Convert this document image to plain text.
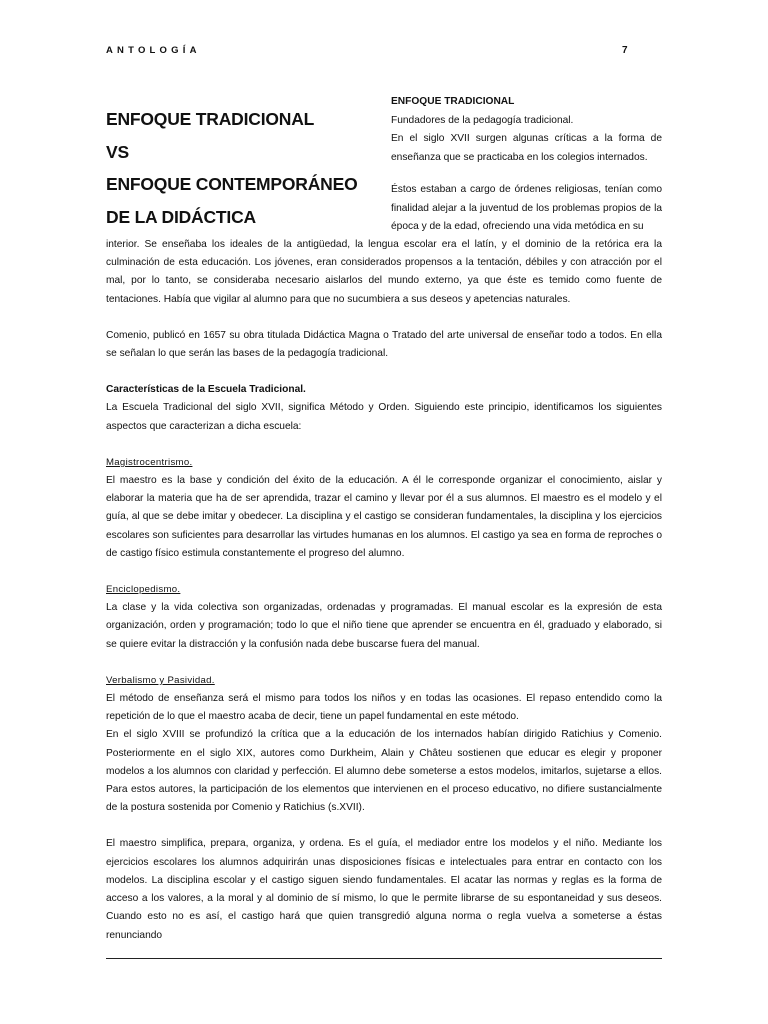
ANTOLOGÍA	7
ENFOQUE TRADICIONAL
VS
ENFOQUE CONTEMPORÁNEO
DE LA DIDÁCTICA

ENFOQUE TRADICIONAL

Fundadores de la pedagogía tradicional.

En el siglo XVII surgen algunas críticas a la forma de enseñanza que se practicaba en los colegios internados.

Éstos estaban a cargo de órdenes religiosas, tenían como finalidad alejar a la juventud de los problemas propios de la época y de la edad, ofreciendo una vida metódica en su

interior. Se enseñaba los ideales de la antigüedad, la lengua escolar era el latín, y el dominio de la retórica era la culminación de esta educación. Los jóvenes, eran considerados propensos a la tentación, débiles y con atracción por el mal, por lo tanto, se consideraba necesario aislarlos del mundo externo, ya que éste es temido como fuente de tentaciones. Había que vigilar al alumno para que no sucumbiera a sus deseos y apetencias naturales.

Comenio, publicó en 1657 su obra titulada Didáctica Magna o Tratado del arte universal de enseñar todo a todos. En ella se señalan lo que serán las bases de la pedagogía tradicional.

Características de la Escuela Tradicional.

La Escuela Tradicional del siglo XVII, significa Método y Orden. Siguiendo este principio, identificamos los siguientes aspectos que caracterizan a dicha escuela:

Magistrocentrismo.

El maestro es la base y condición del éxito de la educación. A él le corresponde organizar el conocimiento, aislar y elaborar la materia que ha de ser aprendida, trazar el camino y llevar por él a sus alumnos. El maestro es el modelo y el guía, al que se debe imitar y obedecer. La disciplina y el castigo se consideran fundamentales, la disciplina y los ejercicios escolares son suficientes para desarrollar las virtudes humanas en los alumnos. El castigo ya sea en forma de reproches o de castigo físico estimula constantemente el progreso del alumno.

Enciclopedismo.

La clase y la vida colectiva son organizadas, ordenadas y programadas. El manual escolar es la expresión de esta organización, orden y programación; todo lo que el niño tiene que aprender se encuentra en él, graduado y elaborado, si se quiere evitar la distracción y la confusión nada debe buscarse fuera del manual.

Verbalismo y Pasividad.

El método de enseñanza será el mismo para todos los niños y en todas las ocasiones. El repaso entendido como la repetición de lo que el maestro acaba de decir, tiene un papel fundamental en este método.

En el siglo XVIII se profundizó la crítica que a la educación de los internados habían dirigido Ratichius y Comenio. Posteriormente en el siglo XIX, autores como Durkheim, Alain y Châteu sostienen que educar es elegir y proponer modelos a los alumnos con claridad y perfección. El alumno debe someterse a estos modelos, imitarlos, sujetarse a ellos. Para estos autores, la participación de los elementos que intervienen en el proceso educativo, no difiere sustancialmente de la postura sostenida por Comenio y Ratichius (s.XVII).

El maestro simplifica, prepara, organiza, y ordena. Es el guía, el mediador entre los modelos y el niño. Mediante los ejercicios escolares los alumnos adquirirán unas disposiciones físicas e intelectuales para entrar en contacto con los modelos. La disciplina escolar y el castigo siguen siendo fundamentales. El acatar las normas y reglas es la forma de acceso a los valores, a la moral y al dominio de sí mismo, lo que le permite librarse de su espontaneidad y sus deseos. Cuando esto no es así, el castigo hará que quien transgredió alguna norma o regla vuelva a someterse a éstas renunciando
